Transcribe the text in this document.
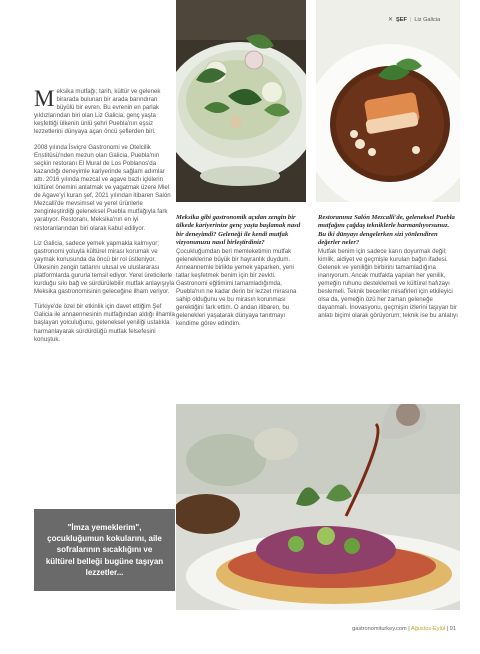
✕ ŞEF | Liz Galicia

Meksika mutfağı; tarih, kültür ve gelenek birarada bulunan bir arada barındıran büyülü bir evren. Bu evrenin en parlak yıldızlarından biri olan Liz Galicia, genç yaşta keşfettiği ülkenin ünlü şehri Puebla'nın eşsiz lezzetlerini dünyaya açan öncü şeflerden biri.

2008 yılında İsviçre Gastronomi ve Otelcilik Enstitüsü'nden mezun olan Galicia, Puebla'nın seçkin restoranı El Mural de Los Poblanos'da kazandığı deneyimle kariyerinde sağlam adımlar attı. 2016 yılında mezcal ve agave bazlı içkilerin kültürel önemini anlatmak ve yagatmak üzere Miel de Agave'yi kuran şef, 2021 yılından itibaren Salón Mezcalli'de mevsimsel ve yerel ürünlerle zenginleştirdiği geleneksel Puebla mutfağıyla fark yaratıyor. Restoranı, Meksika'nın en iyi restoranlarından biri olarak kabul ediliyor.

Liz Galicia, sadece yemek yapmakla kalmıyor; gastronomi yoluyla kültürel mirası korumak ve yaymak konusunda da öncü bir rol üstleniyor. Ülkesinin zengin tatlarını ulusal ve uluslararası platformlarda gururla temsil ediyor. Yerel üreticilerle kurduğu sıkı bağ ve sürdürülebilir mutfak anlayışıyla Meksika gastronomisinin geleceğine ilham veriyor.

Türkiye'de özel bir etkinlik için davet ettiğim Şef Galicia ile annaennesinin mutfağından aldığı ilhamla başlayan yolculuğunu, geleneksel yeniliği ustalıkla harmanlayarak sürdürdüğü mutfak felsefesini konuştuk.

"İmza yemeklerim", çocukluğumun kokularını, aile sofralarının sıcaklığını ve kültürel belleği bugüne taşıyan lezzetler...

Meksika gibi gastronomik açıdan zengin bir ülkede kariyerinize genç yaşta başlamak nasıl bir deneyimdi? Geleneği ile kendi mutfak vizyonunuzu nasıl birleştirdiniz?

Çocukluğumdan beri memleketimin mutfak geleneklerine büyük bir hayranlık duydum. Anneannemle birlikte yemek yaparken, yeni tatlar keşfetmek benim için bir zevkti. Gastronomi eğitimimi tamamladığımda, Puebla'nın ne kadar derin bir lezzet mirasına sahip olduğunu ve bu mirasın korunması gerektiğini fark ettim. O andan itibaren, bu gelenekleri yaşatarak dünyaya tanıtmayı kendime görev edindim.

Restoranınız Salón Mezcalli'de, geleneksel Puebla mutfağını çağdaş tekniklerle harmanlıyorsunuz. Bu iki dünyayı dengelerken sizi yönlendiren değerler neler?

Mutfak benim için sadece karın doyurmak değil; kimlik, aidiyet ve geçmişle kurulan bağın ifadesi. Gelenek ve yeniliğin birbirini tamamladığına inanıyorum. Ancak mutfakta yapılan her yenilik, yemeğin ruhunu desteklemeli ve kültürel hafızayı beslemeli. Teknik beceriler misafirleri için etkileyici olsa da, yemeğin özü her zaman geleneğe dayanmalı. İnovasyonu, geçmişin izlerini taşıyan bir anlatı biçimi olarak görüyorum; teknik ise bu anlatıyı

gastronomiturkey.com | Ağustos-Eylül | 91
